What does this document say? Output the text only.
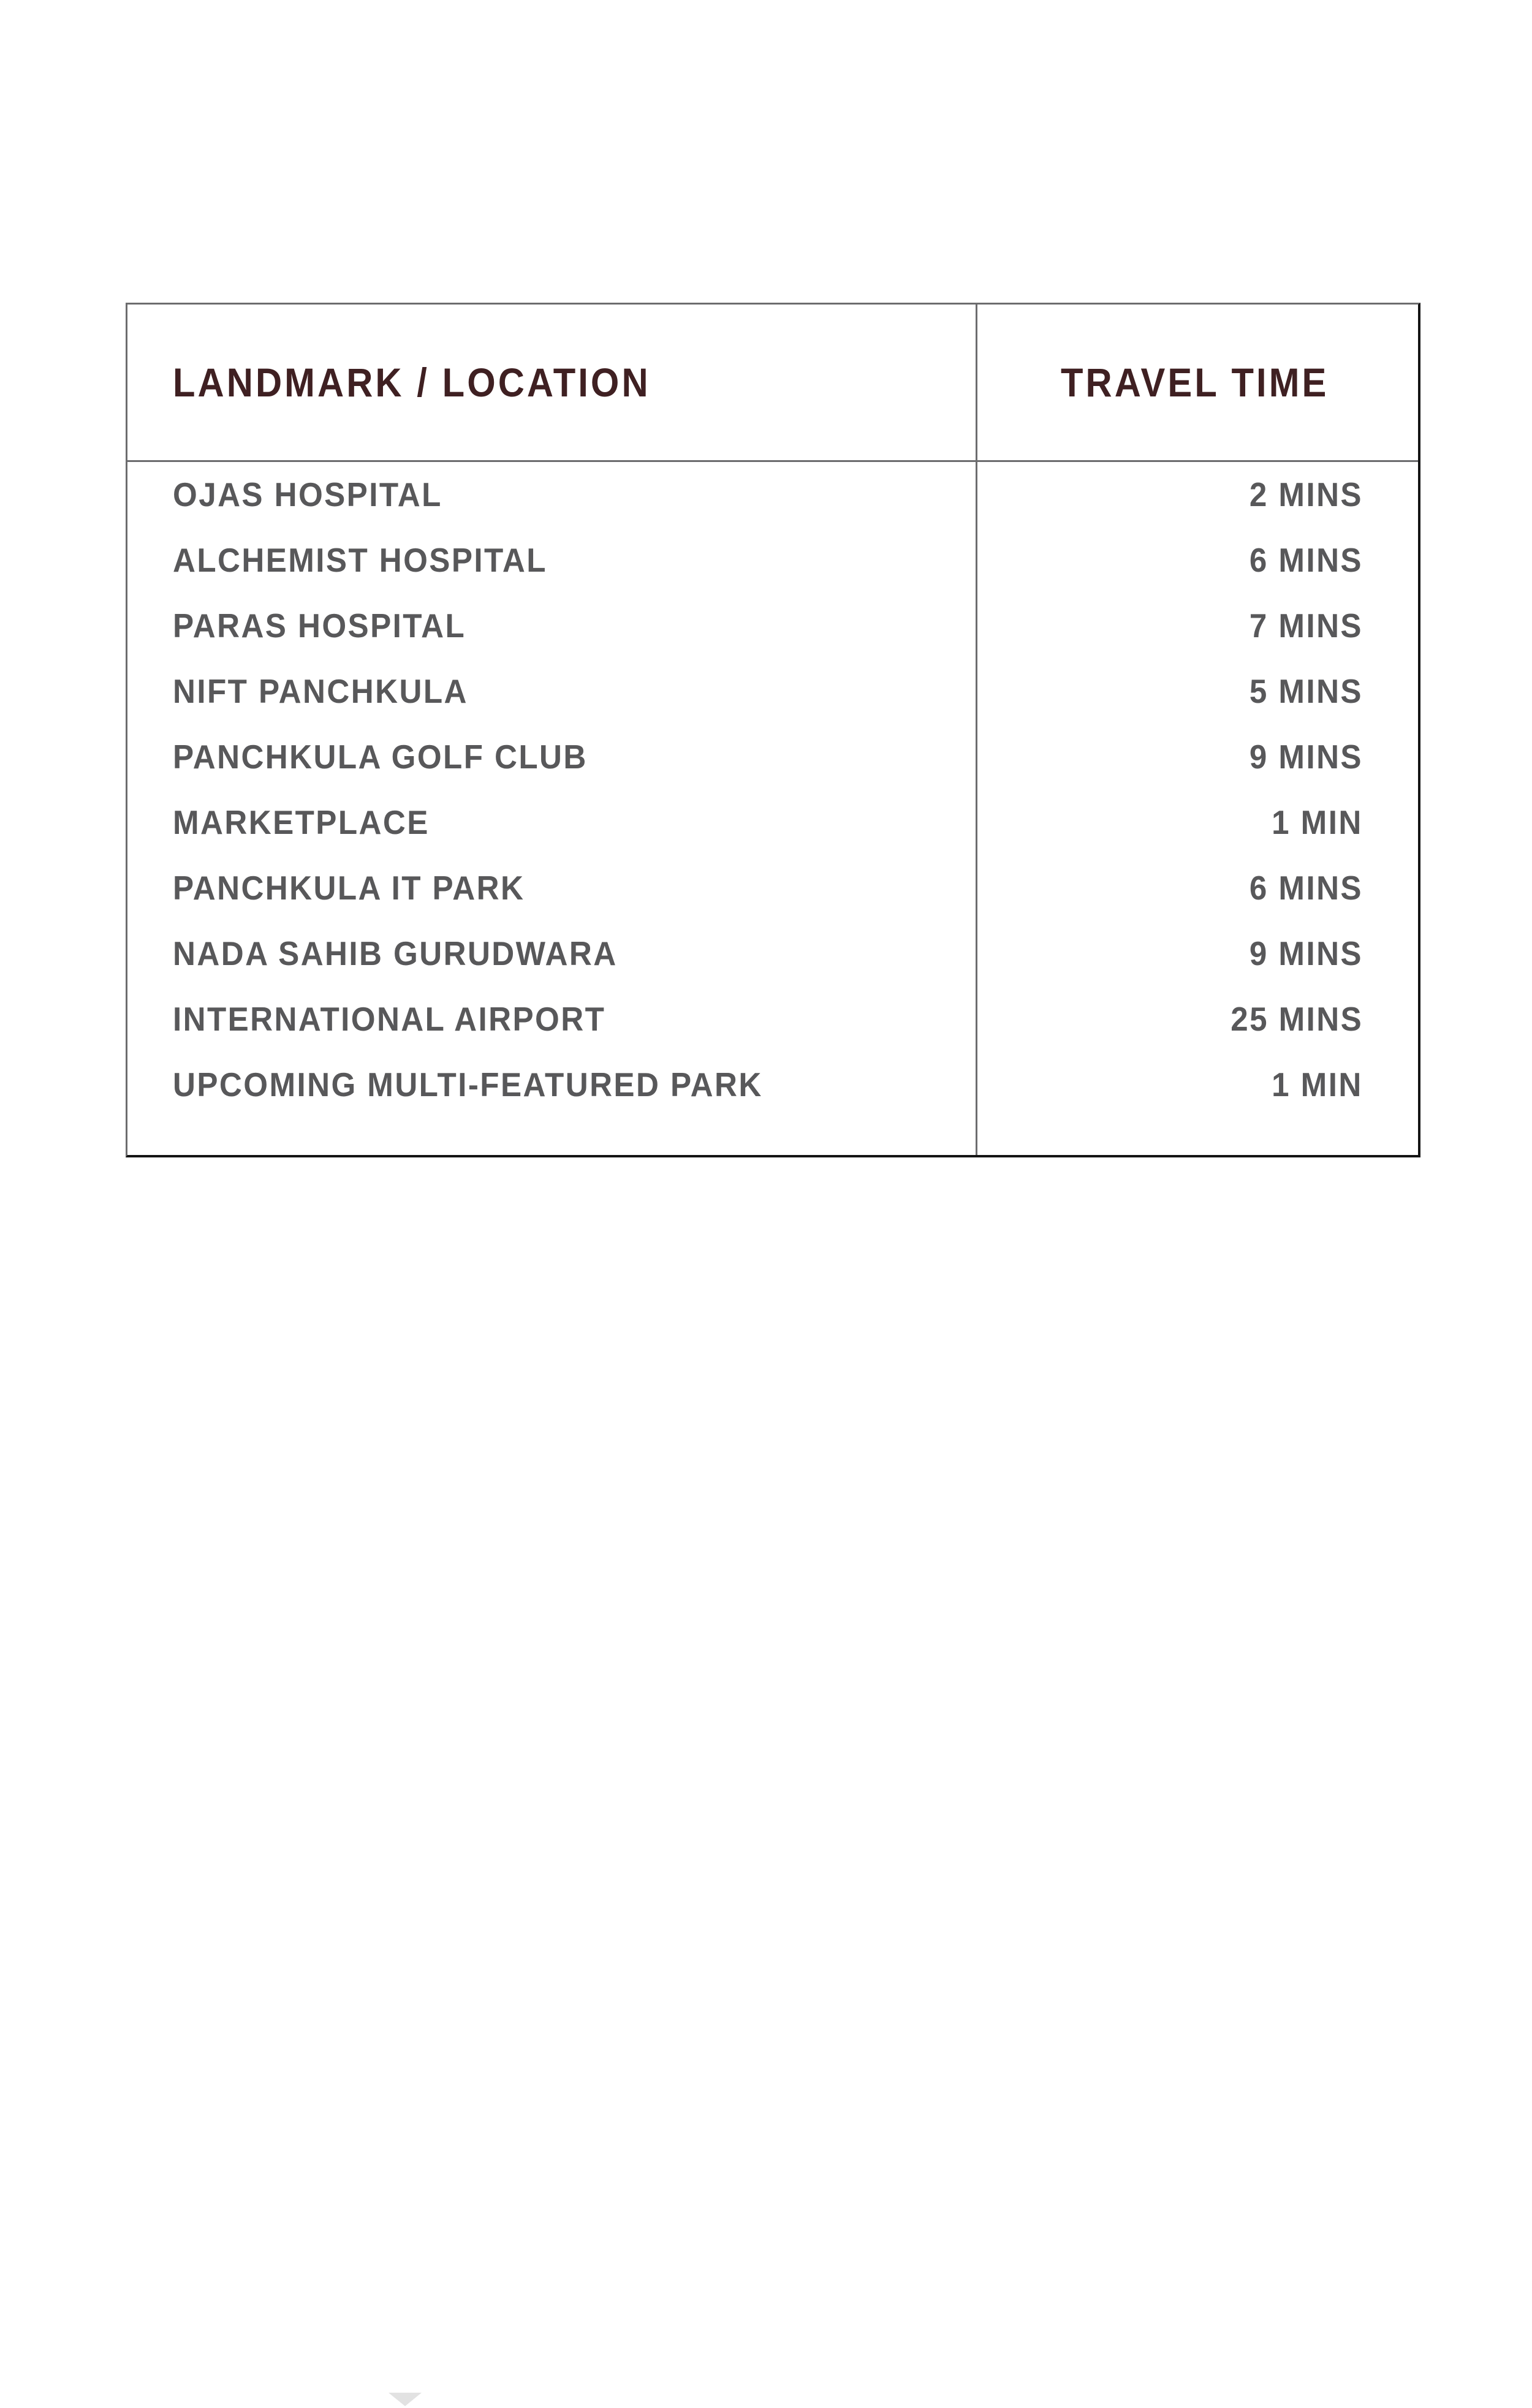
LANDMARK / LOCATION	TRAVEL TIME
OJAS HOSPITAL	2 MINS
ALCHEMIST HOSPITAL	6 MINS
PARAS HOSPITAL	7 MINS
NIFT PANCHKULA	5 MINS
PANCHKULA GOLF CLUB	9 MINS
MARKETPLACE	1 MIN
PANCHKULA IT PARK	6 MINS
NADA SAHIB GURUDWARA	9 MINS
INTERNATIONAL AIRPORT	25 MINS
UPCOMING MULTI-FEATURED PARK	1 MIN
